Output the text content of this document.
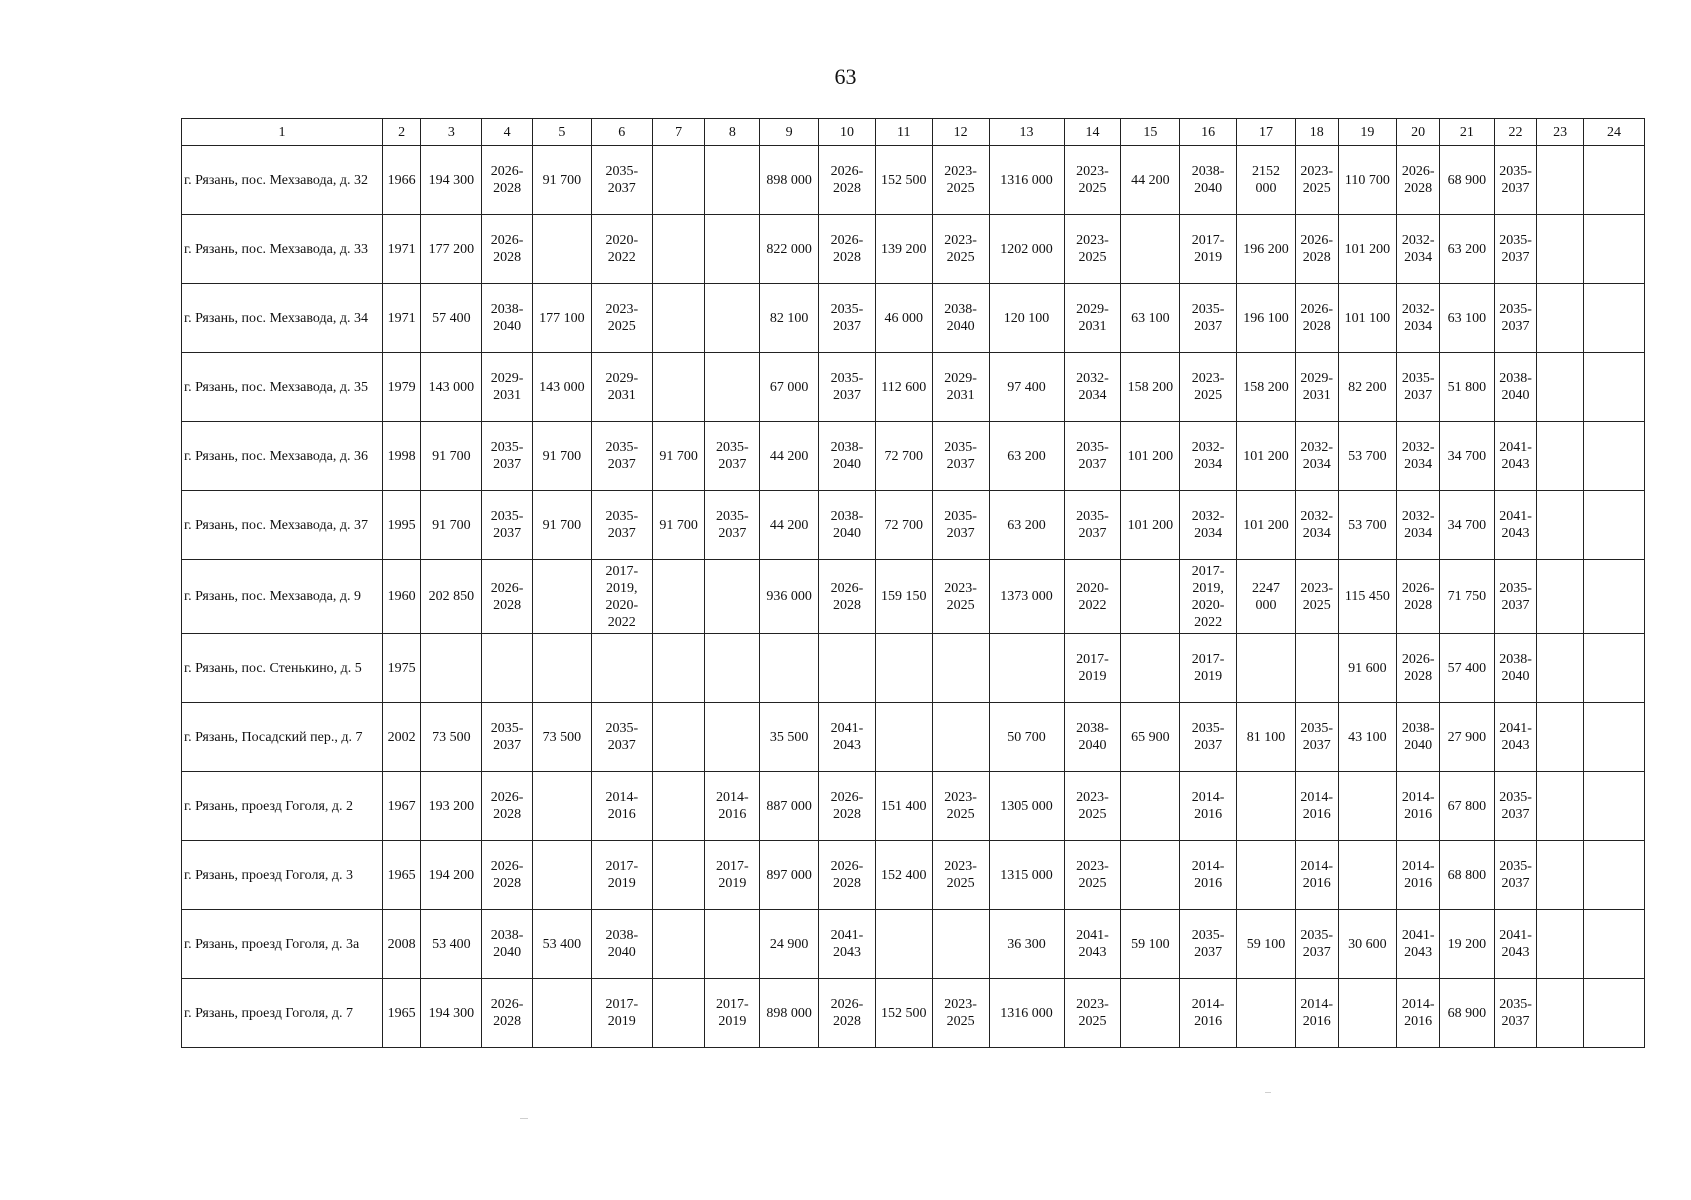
63
1	2	3	4	5	6	7	8	9	10	11	12	13	14	15	16	17	18	19	20	21	22	23	24
г. Рязань, пос. Мехзавода, д. 32	1966	194 300	2026-
2028	91 700	2035-
2037			898 000	2026-
2028	152 500	2023-
2025	1316 000	2023-
2025	44 200	2038-
2040	2152
000	2023-
2025	110 700	2026-
2028	68 900	2035-
2037		
г. Рязань, пос. Мехзавода, д. 33	1971	177 200	2026-
2028		2020-
2022			822 000	2026-
2028	139 200	2023-
2025	1202 000	2023-
2025		2017-
2019	196 200	2026-
2028	101 200	2032-
2034	63 200	2035-
2037		
г. Рязань, пос. Мехзавода, д. 34	1971	57 400	2038-
2040	177 100	2023-
2025			82 100	2035-
2037	46 000	2038-
2040	120 100	2029-
2031	63 100	2035-
2037	196 100	2026-
2028	101 100	2032-
2034	63 100	2035-
2037		
г. Рязань, пос. Мехзавода, д. 35	1979	143 000	2029-
2031	143 000	2029-
2031			67 000	2035-
2037	112 600	2029-
2031	97 400	2032-
2034	158 200	2023-
2025	158 200	2029-
2031	82 200	2035-
2037	51 800	2038-
2040		
г. Рязань, пос. Мехзавода, д. 36	1998	91 700	2035-
2037	91 700	2035-
2037	91 700	2035-
2037	44 200	2038-
2040	72 700	2035-
2037	63 200	2035-
2037	101 200	2032-
2034	101 200	2032-
2034	53 700	2032-
2034	34 700	2041-
2043		
г. Рязань, пос. Мехзавода, д. 37	1995	91 700	2035-
2037	91 700	2035-
2037	91 700	2035-
2037	44 200	2038-
2040	72 700	2035-
2037	63 200	2035-
2037	101 200	2032-
2034	101 200	2032-
2034	53 700	2032-
2034	34 700	2041-
2043		
г. Рязань, пос. Мехзавода, д. 9	1960	202 850	2026-
2028		2017-
2019,
2020-
2022			936 000	2026-
2028	159 150	2023-
2025	1373 000	2020-
2022		2017-
2019,
2020-
2022	2247
000	2023-
2025	115 450	2026-
2028	71 750	2035-
2037		
г. Рязань, пос. Стенькино, д. 5	1975												2017-
2019		2017-
2019			91 600	2026-
2028	57 400	2038-
2040		
г. Рязань, Посадский пер., д. 7	2002	73 500	2035-
2037	73 500	2035-
2037			35 500	2041-
2043			50 700	2038-
2040	65 900	2035-
2037	81 100	2035-
2037	43 100	2038-
2040	27 900	2041-
2043		
г. Рязань, проезд Гоголя, д. 2	1967	193 200	2026-
2028		2014-
2016		2014-
2016	887 000	2026-
2028	151 400	2023-
2025	1305 000	2023-
2025		2014-
2016		2014-
2016		2014-
2016	67 800	2035-
2037		
г. Рязань, проезд Гоголя, д. 3	1965	194 200	2026-
2028		2017-
2019		2017-
2019	897 000	2026-
2028	152 400	2023-
2025	1315 000	2023-
2025		2014-
2016		2014-
2016		2014-
2016	68 800	2035-
2037		
г. Рязань, проезд Гоголя, д. 3а	2008	53 400	2038-
2040	53 400	2038-
2040			24 900	2041-
2043			36 300	2041-
2043	59 100	2035-
2037	59 100	2035-
2037	30 600	2041-
2043	19 200	2041-
2043		
г. Рязань, проезд Гоголя, д. 7	1965	194 300	2026-
2028		2017-
2019		2017-
2019	898 000	2026-
2028	152 500	2023-
2025	1316 000	2023-
2025		2014-
2016		2014-
2016		2014-
2016	68 900	2035-
2037		
